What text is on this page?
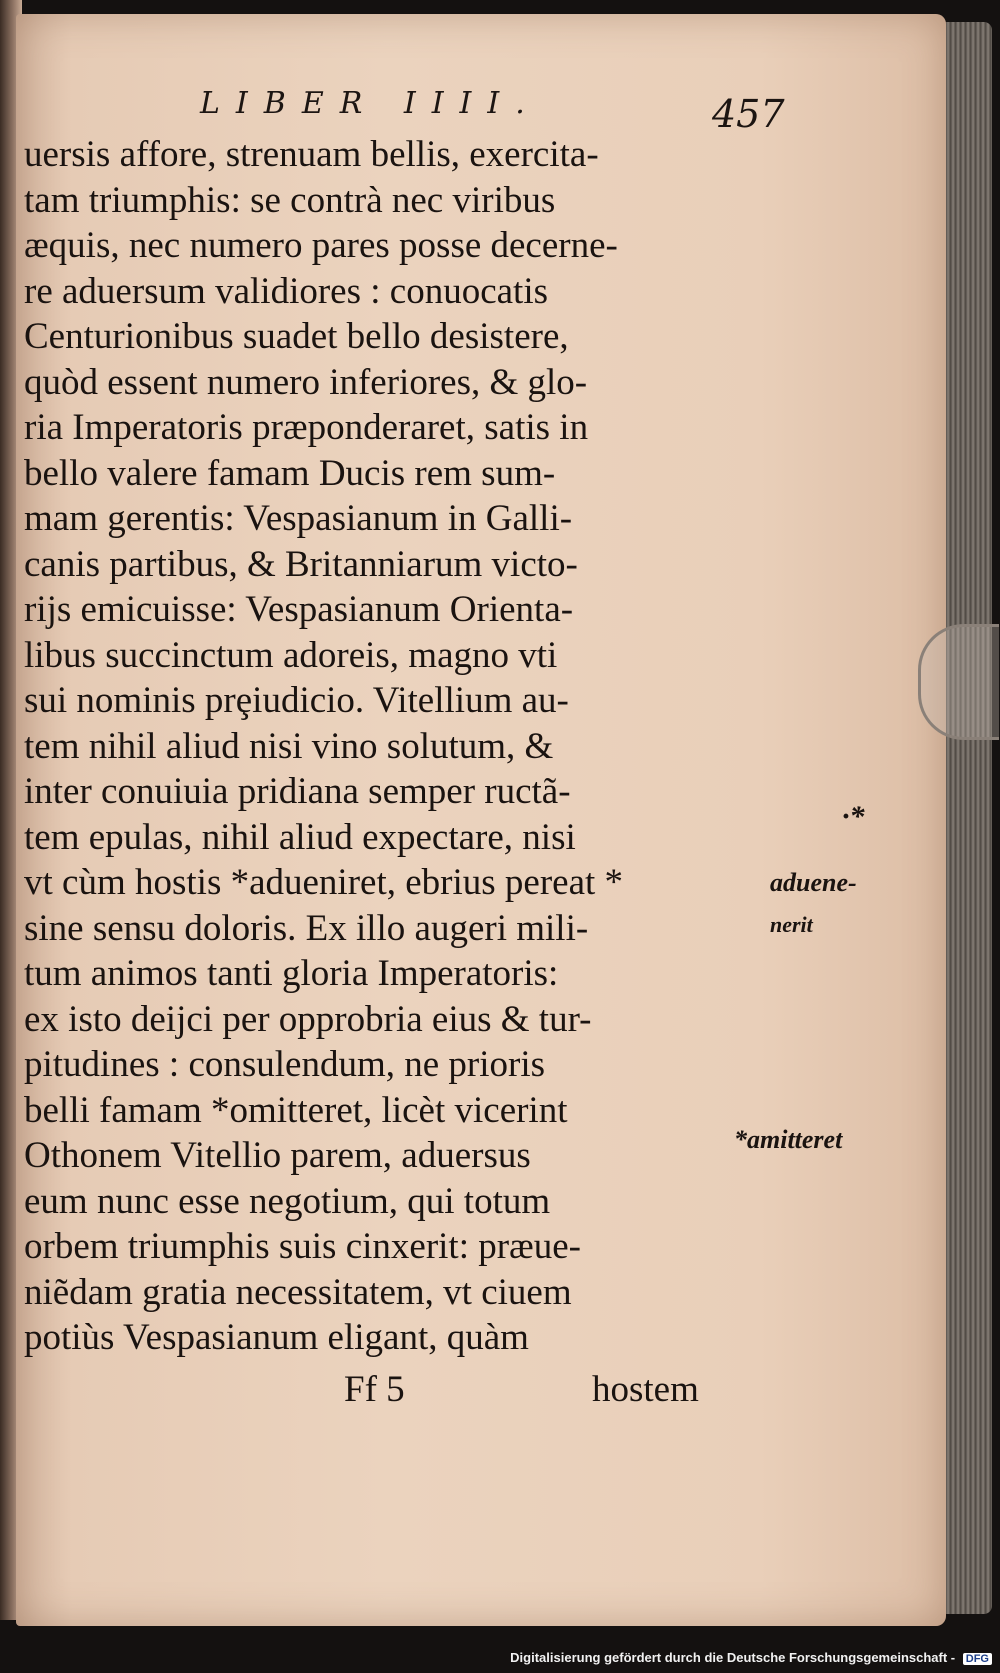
LIBER IIII.	457
uersis affore, strenuam bellis, exercita-
tam triumphis: se contrà nec viribus
æquis, nec numero pares posse decerne-
re aduersum validiores : conuocatis
Centurionibus suadet bello desistere,
quòd essent numero inferiores, & glo-
ria Imperatoris præponderaret, satis in
bello valere famam Ducis rem sum-
mam gerentis: Vespasianum in Galli-
canis partibus, & Britanniarum victo-
rijs emicuisse: Vespasianum Orienta-
libus succinctum adoreis, magno vti
sui nominis prȩiudicio. Vitellium au-
tem nihil aliud nisi vino solutum, &
inter conuiuia pridiana semper ructã-
tem epulas, nihil aliud expectare, nisi
vt cùm hostis *adueniret, ebrius pereat *
sine sensu doloris. Ex illo augeri mili-
tum animos tanti gloria Imperatoris:
ex isto deijci per opprobria eius & tur-
pitudines : consulendum, ne prioris
belli famam *omitteret, licèt vicerint
Othonem Vitellio parem, aduersus
eum nunc esse negotium, qui totum
orbem triumphis suis cinxerit: præue-
niẽdam gratia necessitatem, vt ciuem
potiùs Vespasianum eligant, quàm
·*
aduene-
nerit
*amitteret
Ff 5	hostem
Digitalisierung gefördert durch die Deutsche Forschungsgemeinschaft - DFG
